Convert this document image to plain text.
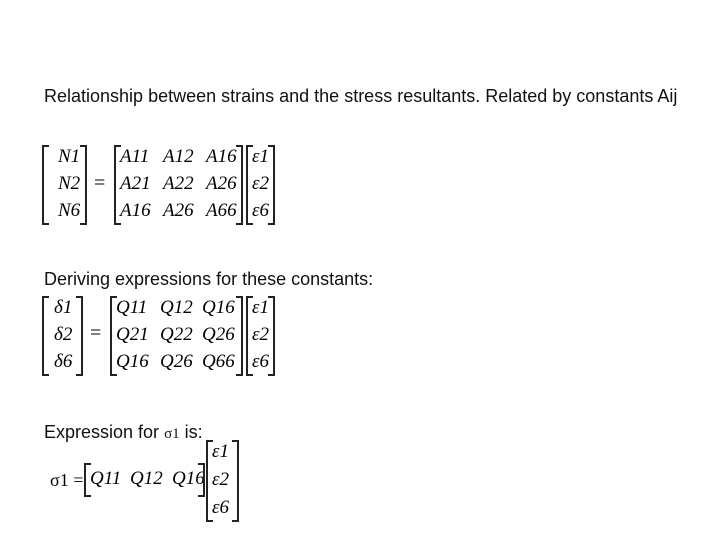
Relationship between strains and the stress resultants. Related by constants Aij
N1
N2
N6
=
A11 A12 A16
A21 A22 A26
A16 A26 A66
ε1
ε2
ε6
Deriving expressions for these constants:
δ1
δ2
δ6
=
Q11 Q12 Q16
Q21 Q22 Q26
Q16 Q26 Q66
ε1
ε2
ε6
Expression for σ1 is:
σ1 = Q11 Q12 Q16
ε1
ε2
ε6
